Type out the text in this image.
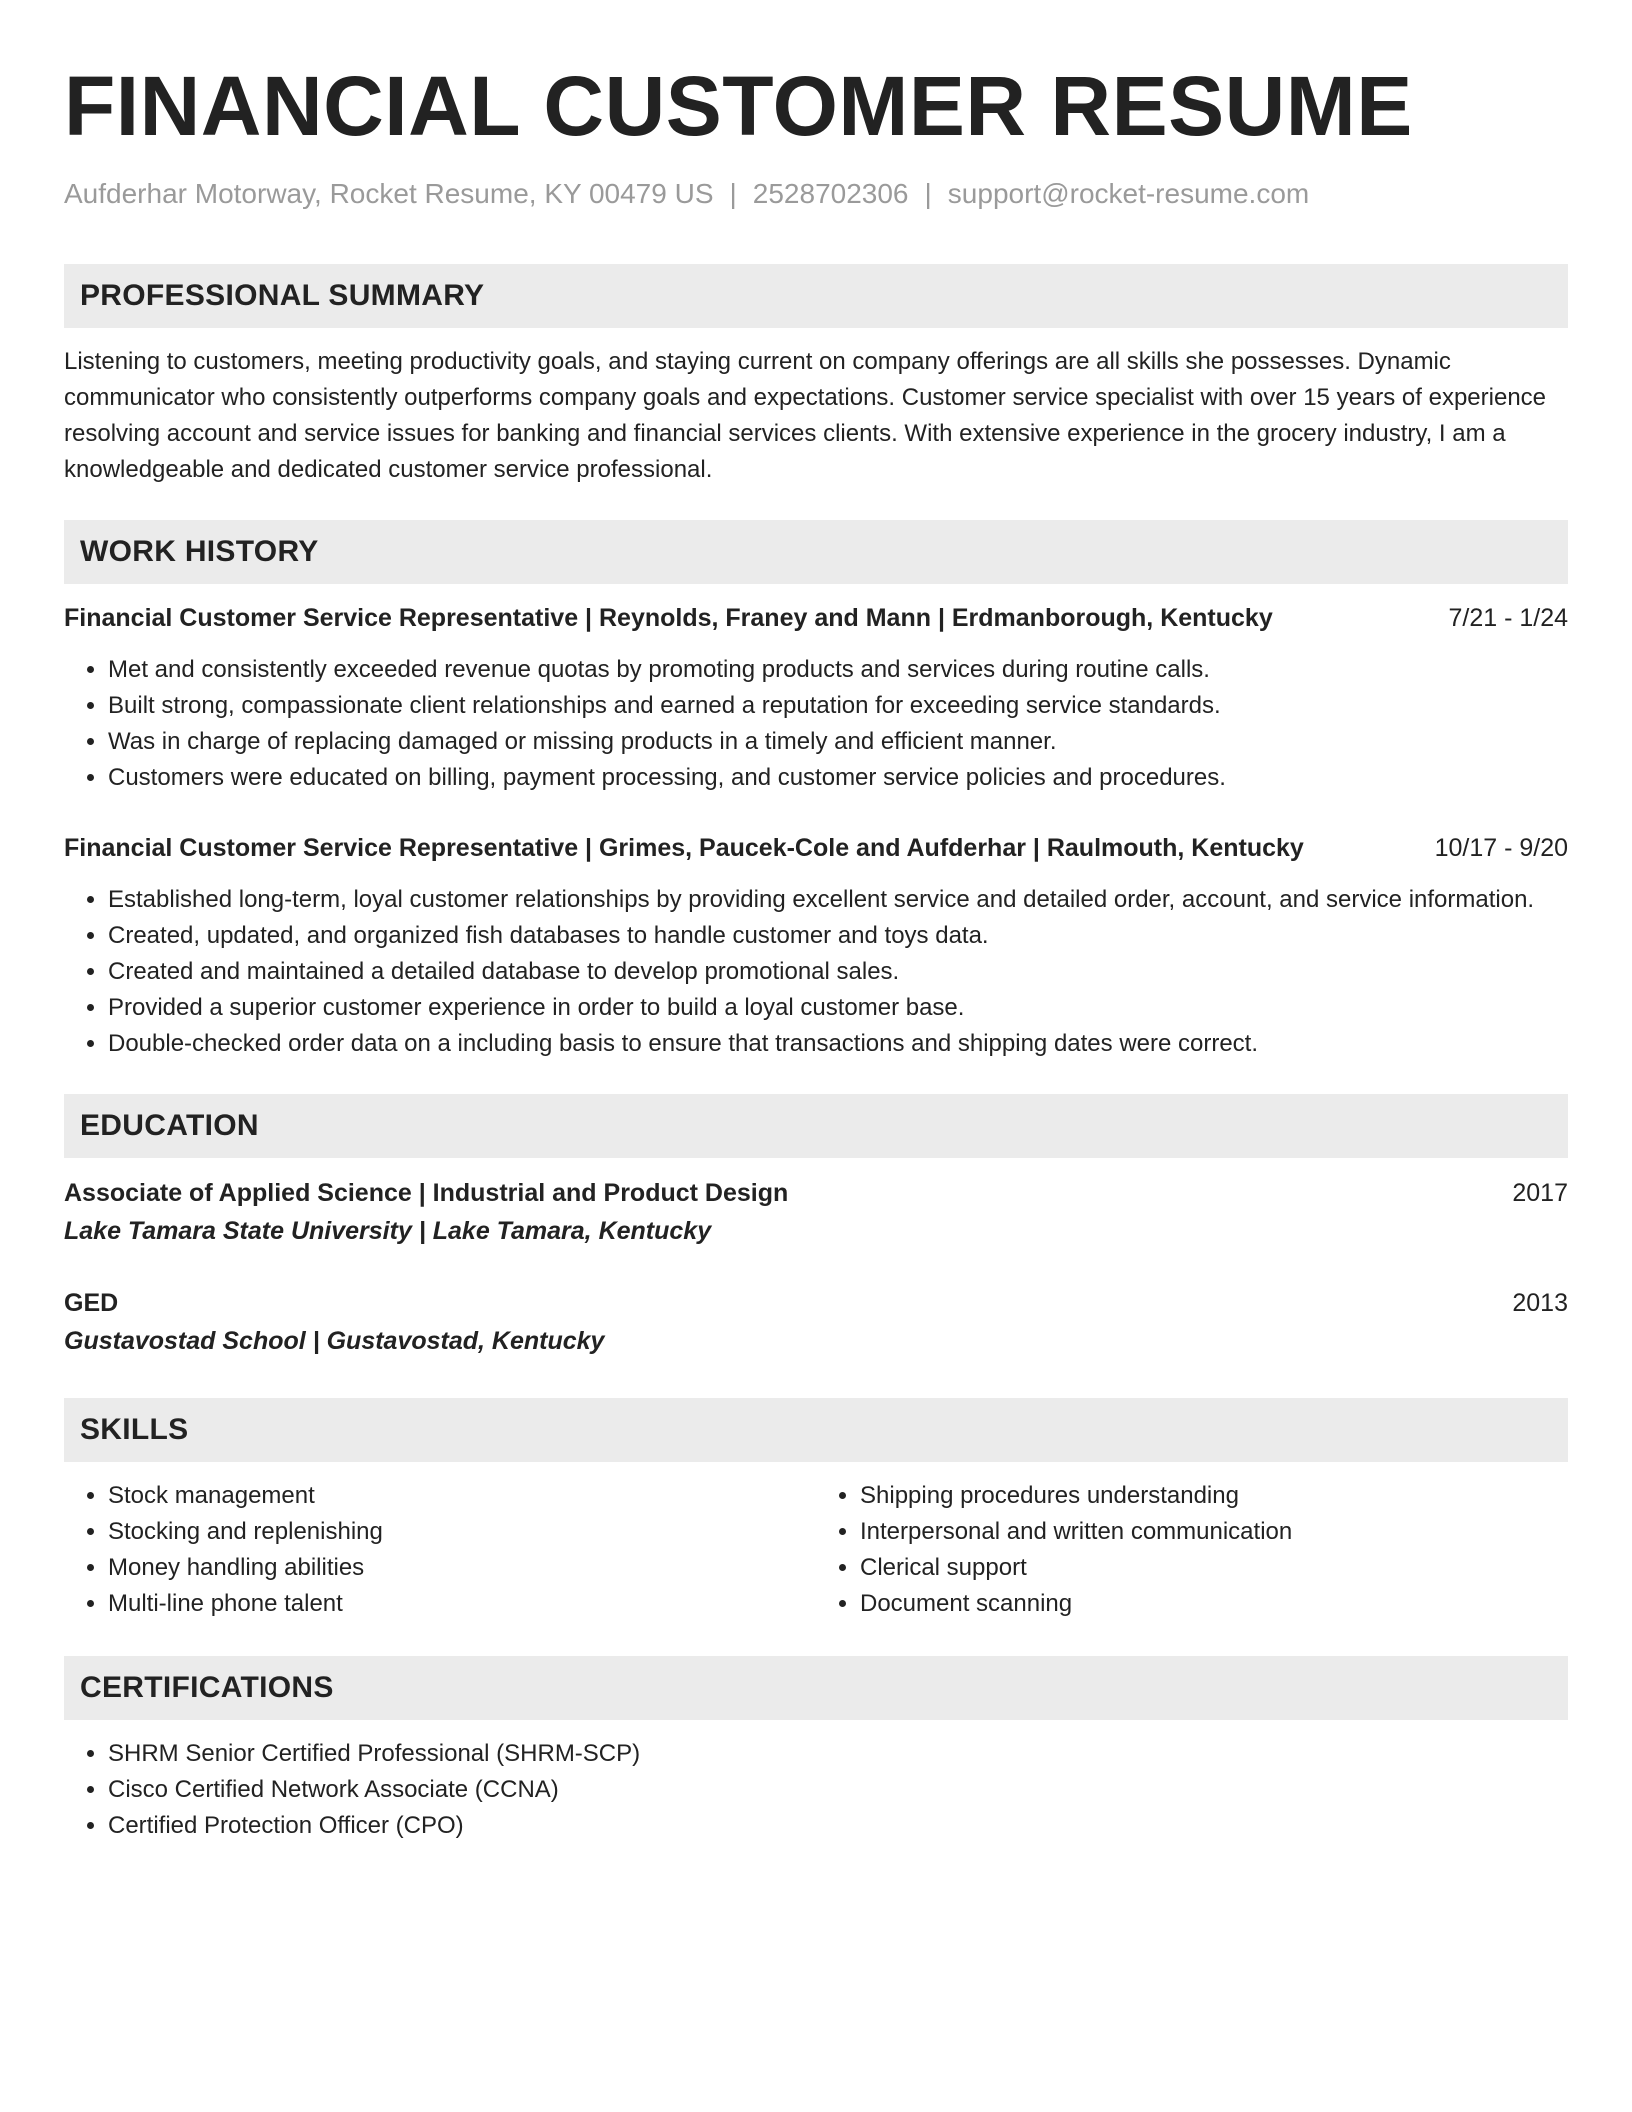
FINANCIAL CUSTOMER RESUME
Aufderhar Motorway, Rocket Resume, KY 00479 US | 2528702306 | support@rocket-resume.com
PROFESSIONAL SUMMARY
Listening to customers, meeting productivity goals, and staying current on company offerings are all skills she possesses. Dynamic communicator who consistently outperforms company goals and expectations. Customer service specialist with over 15 years of experience resolving account and service issues for banking and financial services clients. With extensive experience in the grocery industry, I am a knowledgeable and dedicated customer service professional.
WORK HISTORY
Financial Customer Service Representative | Reynolds, Franey and Mann | Erdmanborough, Kentucky	7/21 - 1/24
• Met and consistently exceeded revenue quotas by promoting products and services during routine calls.
• Built strong, compassionate client relationships and earned a reputation for exceeding service standards.
• Was in charge of replacing damaged or missing products in a timely and efficient manner.
• Customers were educated on billing, payment processing, and customer service policies and procedures.
Financial Customer Service Representative | Grimes, Paucek-Cole and Aufderhar | Raulmouth, Kentucky	10/17 - 9/20
• Established long-term, loyal customer relationships by providing excellent service and detailed order, account, and service information.
• Created, updated, and organized fish databases to handle customer and toys data.
• Created and maintained a detailed database to develop promotional sales.
• Provided a superior customer experience in order to build a loyal customer base.
• Double-checked order data on a including basis to ensure that transactions and shipping dates were correct.
EDUCATION
Associate of Applied Science | Industrial and Product Design	2017
Lake Tamara State University | Lake Tamara, Kentucky
GED	2013
Gustavostad School | Gustavostad, Kentucky
SKILLS
• Stock management
• Stocking and replenishing
• Money handling abilities
• Multi-line phone talent
• Shipping procedures understanding
• Interpersonal and written communication
• Clerical support
• Document scanning
CERTIFICATIONS
• SHRM Senior Certified Professional (SHRM-SCP)
• Cisco Certified Network Associate (CCNA)
• Certified Protection Officer (CPO)
